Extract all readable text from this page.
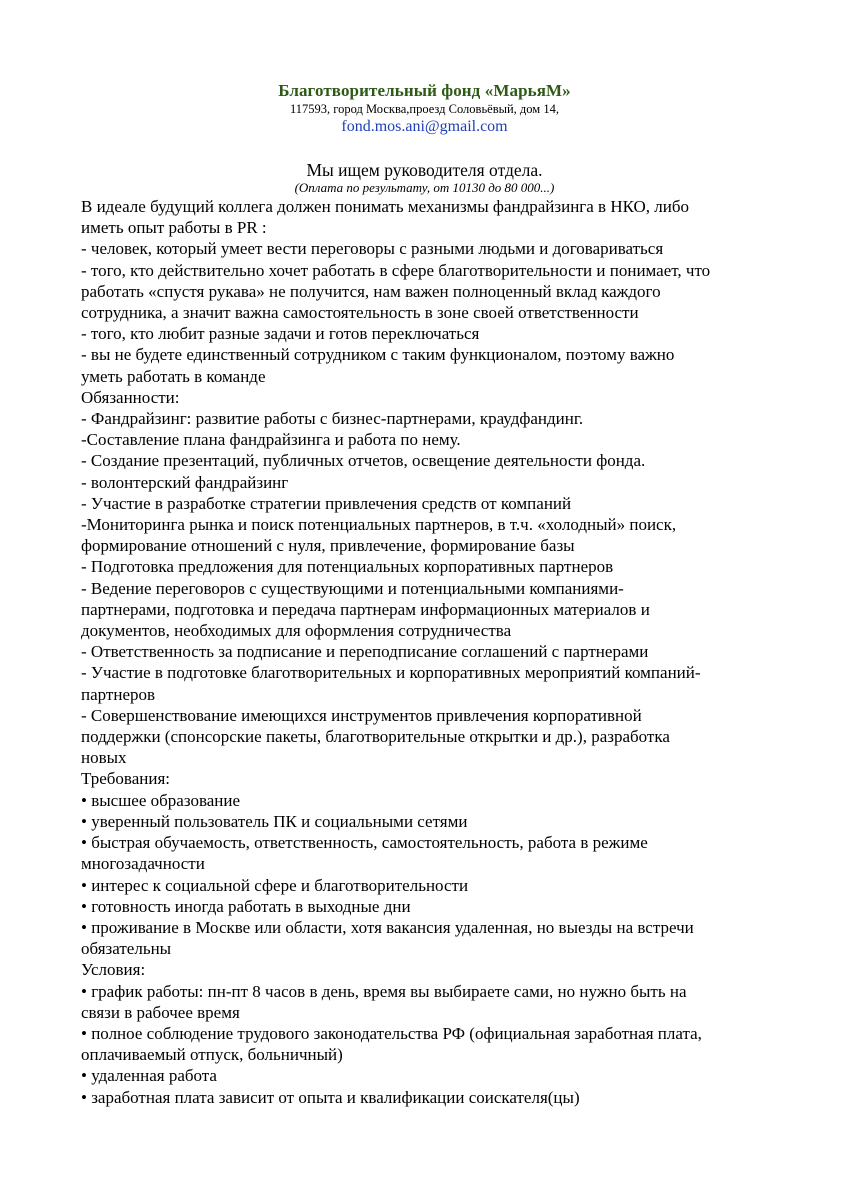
Благотворительный фонд «МарьяМ»
117593, город Москва,проезд Соловьёвый, дом 14,
fond.mos.ani@gmail.com
Мы ищем руководителя отдела.
(Оплата по результату, от 10130 до 80 000...)
В идеале будущий коллега должен понимать механизмы фандрайзинга в НКО, либо
иметь опыт работы в PR :
- человек, который умеет вести переговоры с разными людьми и договариваться
- того, кто действительно хочет работать в сфере благотворительности и понимает, что
работать «спустя рукава» не получится, нам важен полноценный вклад каждого
сотрудника, а значит важна самостоятельность в зоне своей ответственности
- того, кто любит разные задачи и готов переключаться
- вы не будете единственный сотрудником с таким функционалом, поэтому важно
уметь работать в команде
Обязанности:
- Фандрайзинг: развитие работы с бизнес-партнерами, краудфандинг.
-Составление плана фандрайзинга и работа по нему.
- Создание презентаций, публичных отчетов, освещение деятельности фонда.
- волонтерский фандрайзинг
- Участие в разработке стратегии привлечения средств от компаний
-Мониторинга рынка и поиск потенциальных партнеров, в т.ч. «холодный» поиск,
формирование отношений с нуля, привлечение, формирование базы
- Подготовка предложения для потенциальных корпоративных партнеров
- Ведение переговоров с существующими и потенциальными компаниями-
партнерами, подготовка и передача партнерам информационных материалов и
документов, необходимых для оформления сотрудничества
- Ответственность за подписание и переподписание соглашений с партнерами
- Участие в подготовке благотворительных и корпоративных мероприятий компаний-
партнеров
- Совершенствование имеющихся инструментов привлечения корпоративной
поддержки (спонсорские пакеты, благотворительные открытки и др.), разработка
новых
Требования:
• высшее образование
• уверенный пользователь ПК и социальными сетями
• быстрая обучаемость, ответственность, самостоятельность, работа в режиме
многозадачности
• интерес к социальной сфере и благотворительности
• готовность иногда работать в выходные дни
• проживание в Москве или области, хотя вакансия удаленная, но выезды на встречи
обязательны
Условия:
• график работы: пн-пт 8 часов в день, время вы выбираете сами, но нужно быть на
связи в рабочее время
• полное соблюдение трудового законодательства РФ (официальная заработная плата,
оплачиваемый отпуск, больничный)
• удаленная работа
• заработная плата зависит от опыта и квалификации соискателя(цы)
